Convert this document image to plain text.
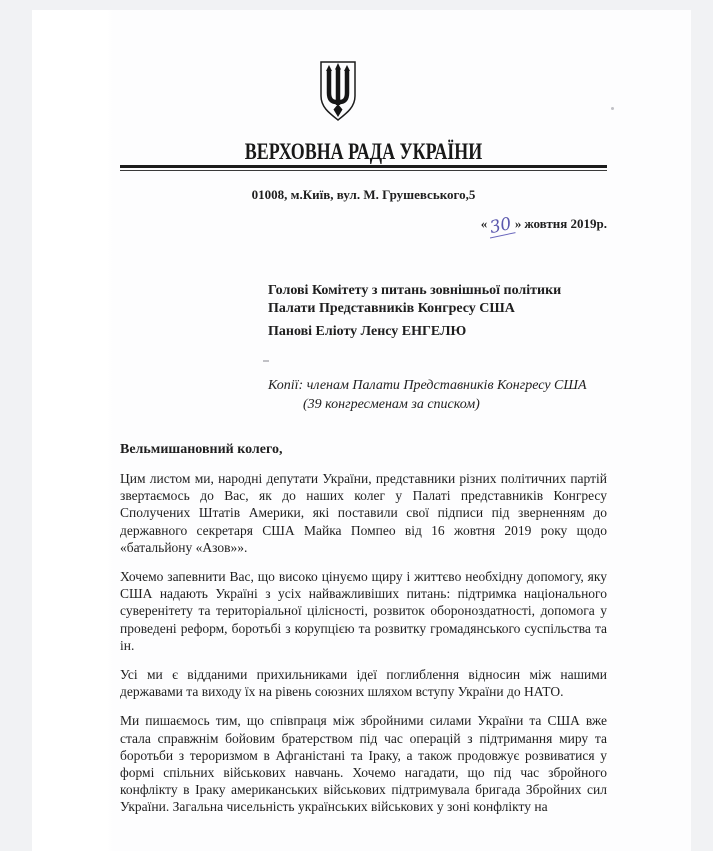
ВЕРХОВНА РАДА УКРАЇНИ
01008, м.Київ, вул. М. Грушевського,5
«30» жовтня 2019р.

Голові Комітету з питань зовнішньої політики

Палати Представників Конгресу США

Панові Еліоту Ленсу ЕНГЕЛЮ

Копії: членам Палати Представників Конгресу США

(39 конгресменам за списком)

Вельмишановний колего,

Цим листом ми, народні депутати України, представники різних політичних партій звертаємось до Вас, як до наших колег у Палаті представників Конгресу Сполучених Штатів Америки, які поставили свої підписи під зверненням до державного секретаря США Майка Помпео від 16 жовтня 2019 року щодо «батальйону «Азов»».

Хочемо запевнити Вас, що високо цінуємо щиру і життєво необхідну допомогу, яку США надають Україні з усіх найважливіших питань: підтримка національного суверенітету та територіальної цілісності, розвиток обороноздатності, допомога у проведені реформ, боротьбі з корупцією та розвитку громадянського суспільства та ін.

Усі ми є відданими прихильниками ідеї поглиблення відносин між нашими державами та виходу їх на рівень союзних шляхом вступу України до НАТО.

Ми пишаємось тим, що співпраця між збройними силами України та США вже стала справжнім бойовим братерством під час операцій з підтримання миру та боротьби з тероризмом в Афганістані та Іраку, а також продовжує розвиватися у формі спільних військових навчань. Хочемо нагадати, що під час збройного конфлікту в Іраку американських військових підтримувала бригада Збройних сил України. Загальна чисельність українських військових у зоні конфлікту на
